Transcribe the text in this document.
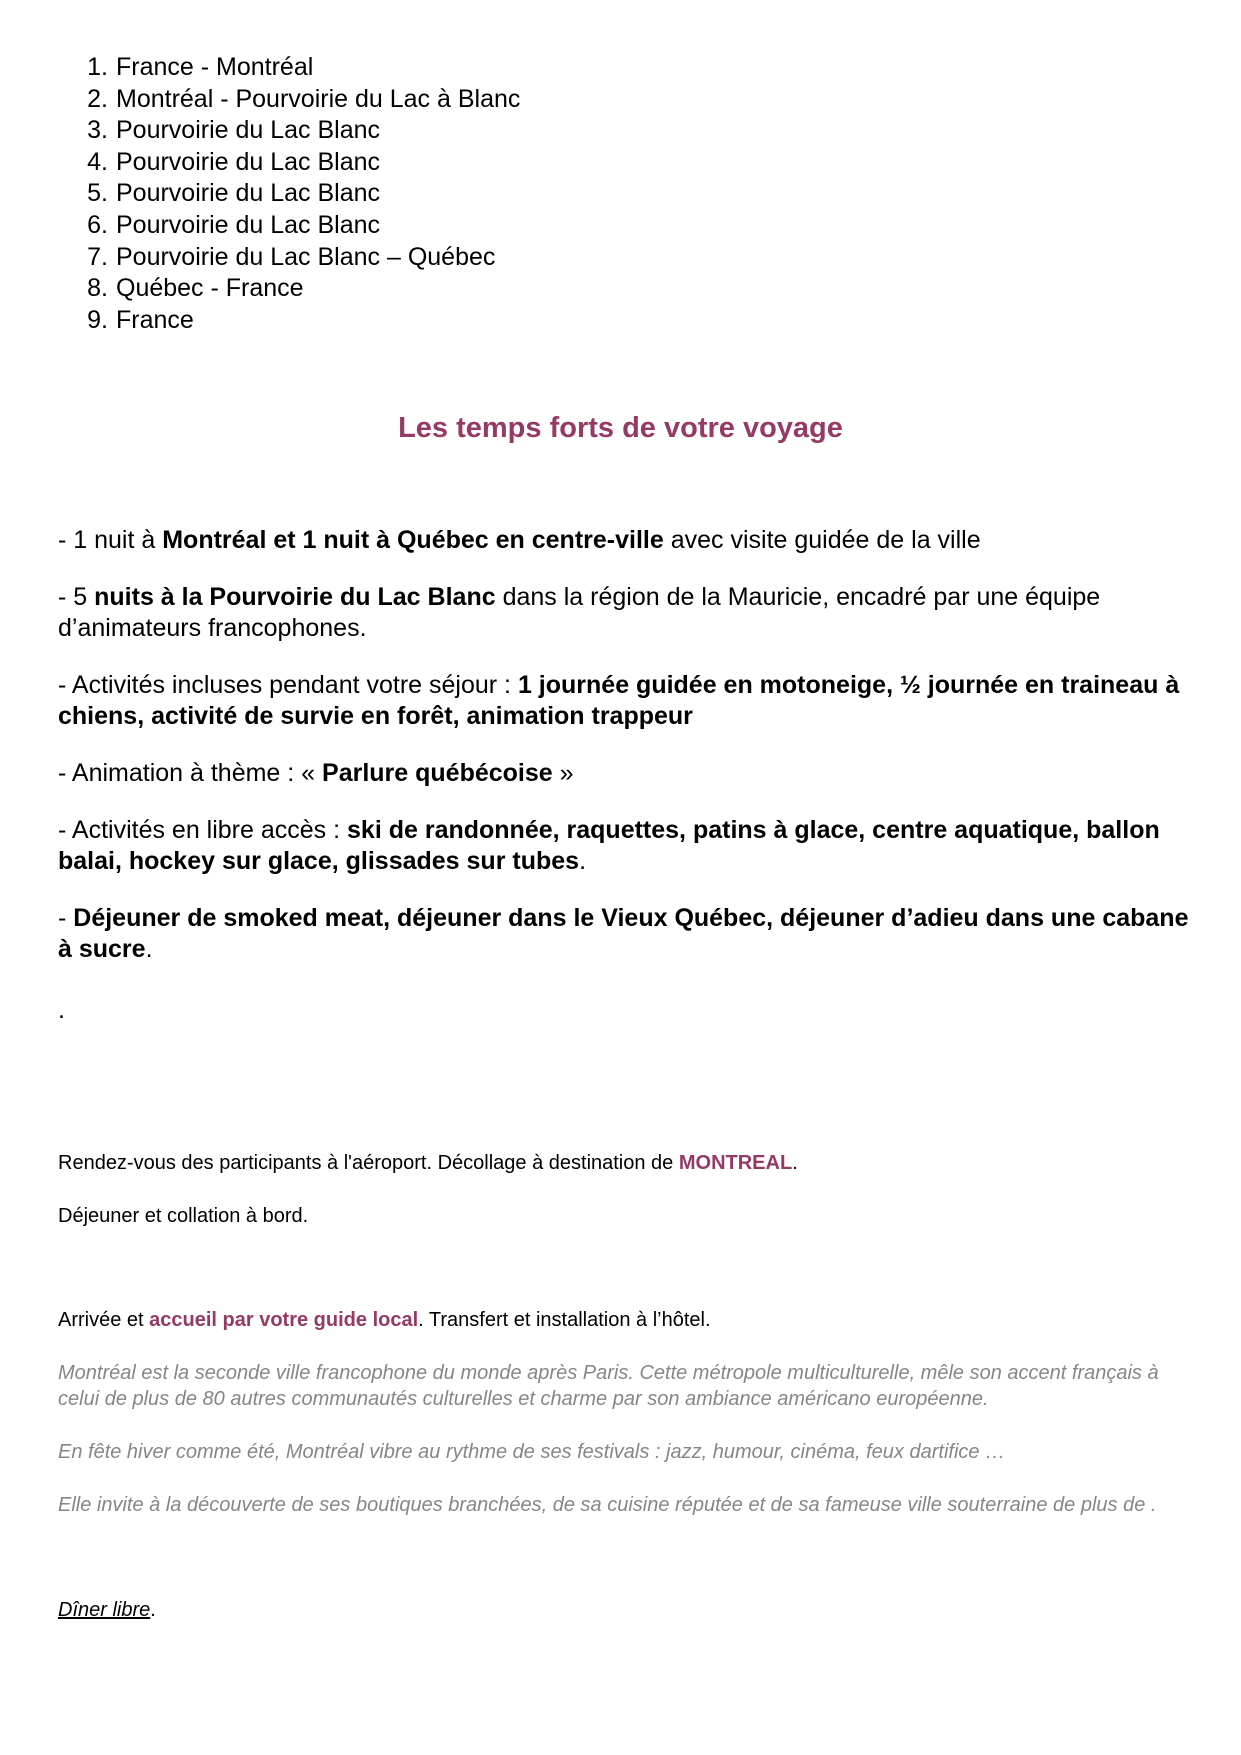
1. France - Montréal
2. Montréal - Pourvoirie du Lac à Blanc
3. Pourvoirie du Lac Blanc
4. Pourvoirie du Lac Blanc
5. Pourvoirie du Lac Blanc
6. Pourvoirie du Lac Blanc
7. Pourvoirie du Lac Blanc – Québec
8. Québec - France
9. France
Les temps forts de votre voyage

- 1 nuit à Montréal et 1 nuit à Québec en centre-ville avec visite guidée de la ville

- 5 nuits à la Pourvoirie du Lac Blanc dans la région de la Mauricie, encadré par une équipe d’animateurs francophones.

- Activités incluses pendant votre séjour : 1 journée guidée en motoneige, ½ journée en traineau à chiens, activité de survie en forêt, animation trappeur

- Animation à thème : « Parlure québécoise »

- Activités en libre accès : ski de randonnée, raquettes, patins à glace, centre aquatique, ballon balai, hockey sur glace, glissades sur tubes.

- Déjeuner de smoked meat, déjeuner dans le Vieux Québec, déjeuner d’adieu dans une cabane à sucre.

.

Rendez-vous des participants à l'aéroport. Décollage à destination de MONTREAL.

Déjeuner et collation à bord.

Arrivée et accueil par votre guide local. Transfert et installation à l’hôtel.

Montréal est la seconde ville francophone du monde après Paris. Cette métropole multiculturelle, mêle son accent français à celui de plus de 80 autres communautés culturelles et charme par son ambiance américano européenne.

En fête hiver comme été, Montréal vibre au rythme de ses festivals : jazz, humour, cinéma, feux dartifice …

Elle invite à la découverte de ses boutiques branchées, de sa cuisine réputée et de sa fameuse ville souterraine de plus de .

Dîner libre.
